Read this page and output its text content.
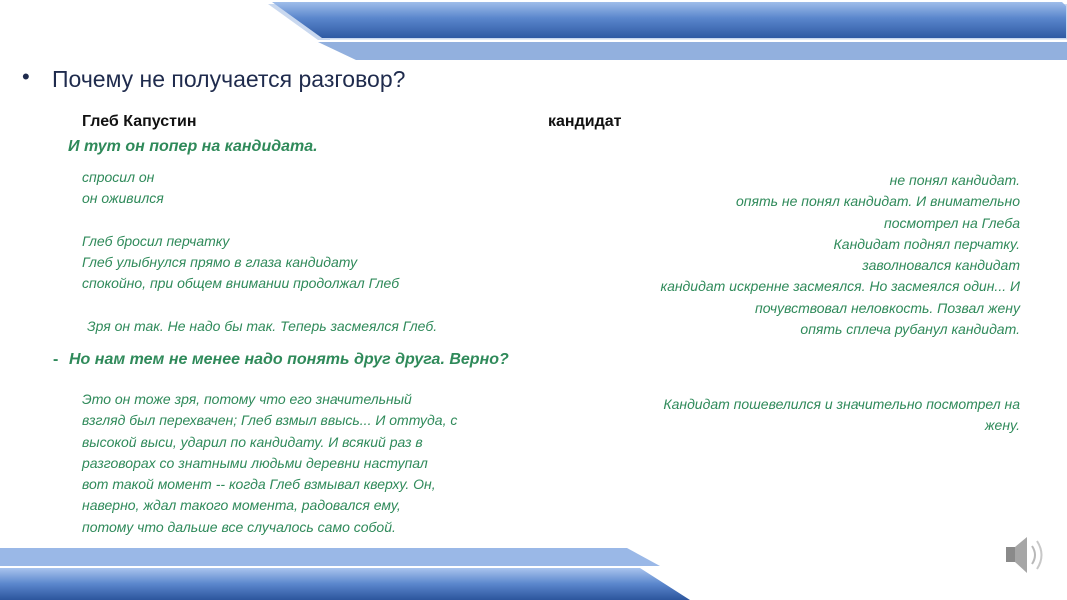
• Почему не получается разговор?
Глеб Капустин	кандидат
И тут он попер на кандидата.
спросил он
он оживился
Глеб бросил перчатку
Глеб улыбнулся прямо в глаза кандидату
спокойно, при общем внимании продолжал Глеб
Зря он так. Не надо бы так. Теперь засмеялся Глеб.
не понял кандидат.
опять не понял кандидат. И внимательно
посмотрел на Глеба
Кандидат поднял перчатку.
заволновался кандидат
кандидат искренне засмеялся. Но засмеялся один... И
почувствовал неловкость. Позвал жену
опять сплеча рубанул кандидат.
- Но нам тем не менее надо понять друг друга. Верно?
Это он тоже зря, потому что его значительный
взгляд был перехвачен; Глеб взмыл ввысь... И оттуда, с
высокой выси, ударил по кандидату. И всякий раз в
разговорах со знатными людьми деревни наступал
вот такой момент -- когда Глеб взмывал кверху. Он,
наверно, ждал такого момента, радовался ему,
потому что дальше все случалось само собой.
Кандидат пошевелился и значительно посмотрел на
жену.
